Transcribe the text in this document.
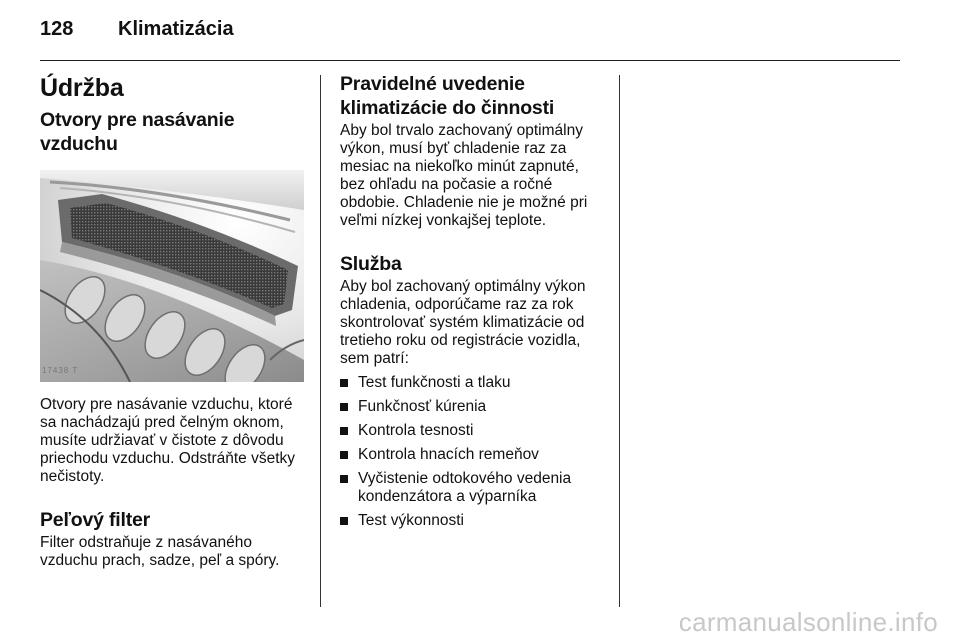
128 Klimatizácia
Údržba
Otvory pre nasávanie vzduchu
17438 T

Otvory pre nasávanie vzduchu, ktoré
sa nachádzajú pred čelným oknom,
musíte udržiavať v čistote z dôvodu
priechodu vzduchu. Odstráňte všetky
nečistoty.

Peľový filter

Filter odstraňuje z nasávaného
vzduchu prach, sadze, peľ a spóry.

Pravidelné uvedenie
klimatizácie do činnosti

Aby bol trvalo zachovaný optimálny
výkon, musí byť chladenie raz za
mesiac na niekoľko minút zapnuté,
bez ohľadu na počasie a ročné
obdobie. Chladenie nie je možné pri
veľmi nízkej vonkajšej teplote.

Služba

Aby bol zachovaný optimálny výkon
chladenia, odporúčame raz za rok
skontrolovať systém klimatizácie od
tretieho roku od registrácie vozidla,
sem patrí:

Test funkčnosti a tlaku
Funkčnosť kúrenia
Kontrola tesnosti
Kontrola hnacích remeňov
Vyčistenie odtokového vedenia
kondenzátora a výparníka
Test výkonnosti
carmanualsonline.info
